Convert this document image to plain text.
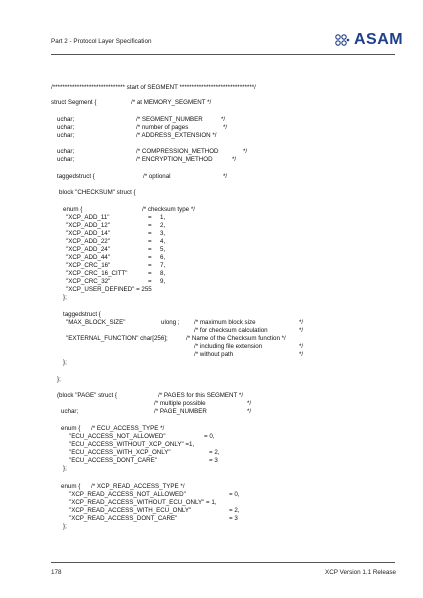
Part 2 - Protocol Layer Specification	ASAM
/****************************** start of SEGMENT *******************************/
struct Segment {	/* at MEMORY_SEGMENT */
uchar;	/* SEGMENT_NUMBER	*/
uchar;	/* number of pages	*/
uchar;	/* ADDRESS_EXTENSION */
uchar;	/* COMPRESSION_METHOD	*/
uchar;	/* ENCRYPTION_METHOD	*/
taggedstruct {	/* optional	*/
block "CHECKSUM" struct {
enum {	/* checksum type */
"XCP_ADD_11"	= 1,
"XCP_ADD_12"	= 2,
"XCP_ADD_14"	= 3,
"XCP_ADD_22"	= 4,
"XCP_ADD_24"	= 5,
"XCP_ADD_44"	= 6,
"XCP_CRC_16"	= 7,
"XCP_CRC_16_CITT"	= 8,
"XCP_CRC_32"	= 9,
"XCP_USER_DEFINED" = 255
};
taggedstruct {
"MAX_BLOCK_SIZE"	ulong ; /* maximum block size	*/
/* for checksum calculation	*/
"EXTERNAL_FUNCTION" char[256];	/* Name of the Checksum function */
/* including file extension	*/
/* without path	*/
};
};
(block "PAGE" struct {	/* PAGES for this SEGMENT */
/* multiple possible	*/
uchar;	/* PAGE_NUMBER	*/
enum { /* ECU_ACCESS_TYPE */
"ECU_ACCESS_NOT_ALLOWED"	= 0,
"ECU_ACCESS_WITHOUT_XCP_ONLY" =1,
"ECU_ACCESS_WITH_XCP_ONLY"	= 2,
"ECU_ACCESS_DONT_CARE"	= 3
};
enum { /* XCP_READ_ACCESS_TYPE */
"XCP_READ_ACCESS_NOT_ALLOWED"	= 0,
"XCP_READ_ACCESS_WITHOUT_ECU_ONLY" = 1,
"XCP_READ_ACCESS_WITH_ECU_ONLY"	= 2,
"XCP_READ_ACCESS_DONT_CARE"	= 3
};
178	XCP Version 1.1 Release
